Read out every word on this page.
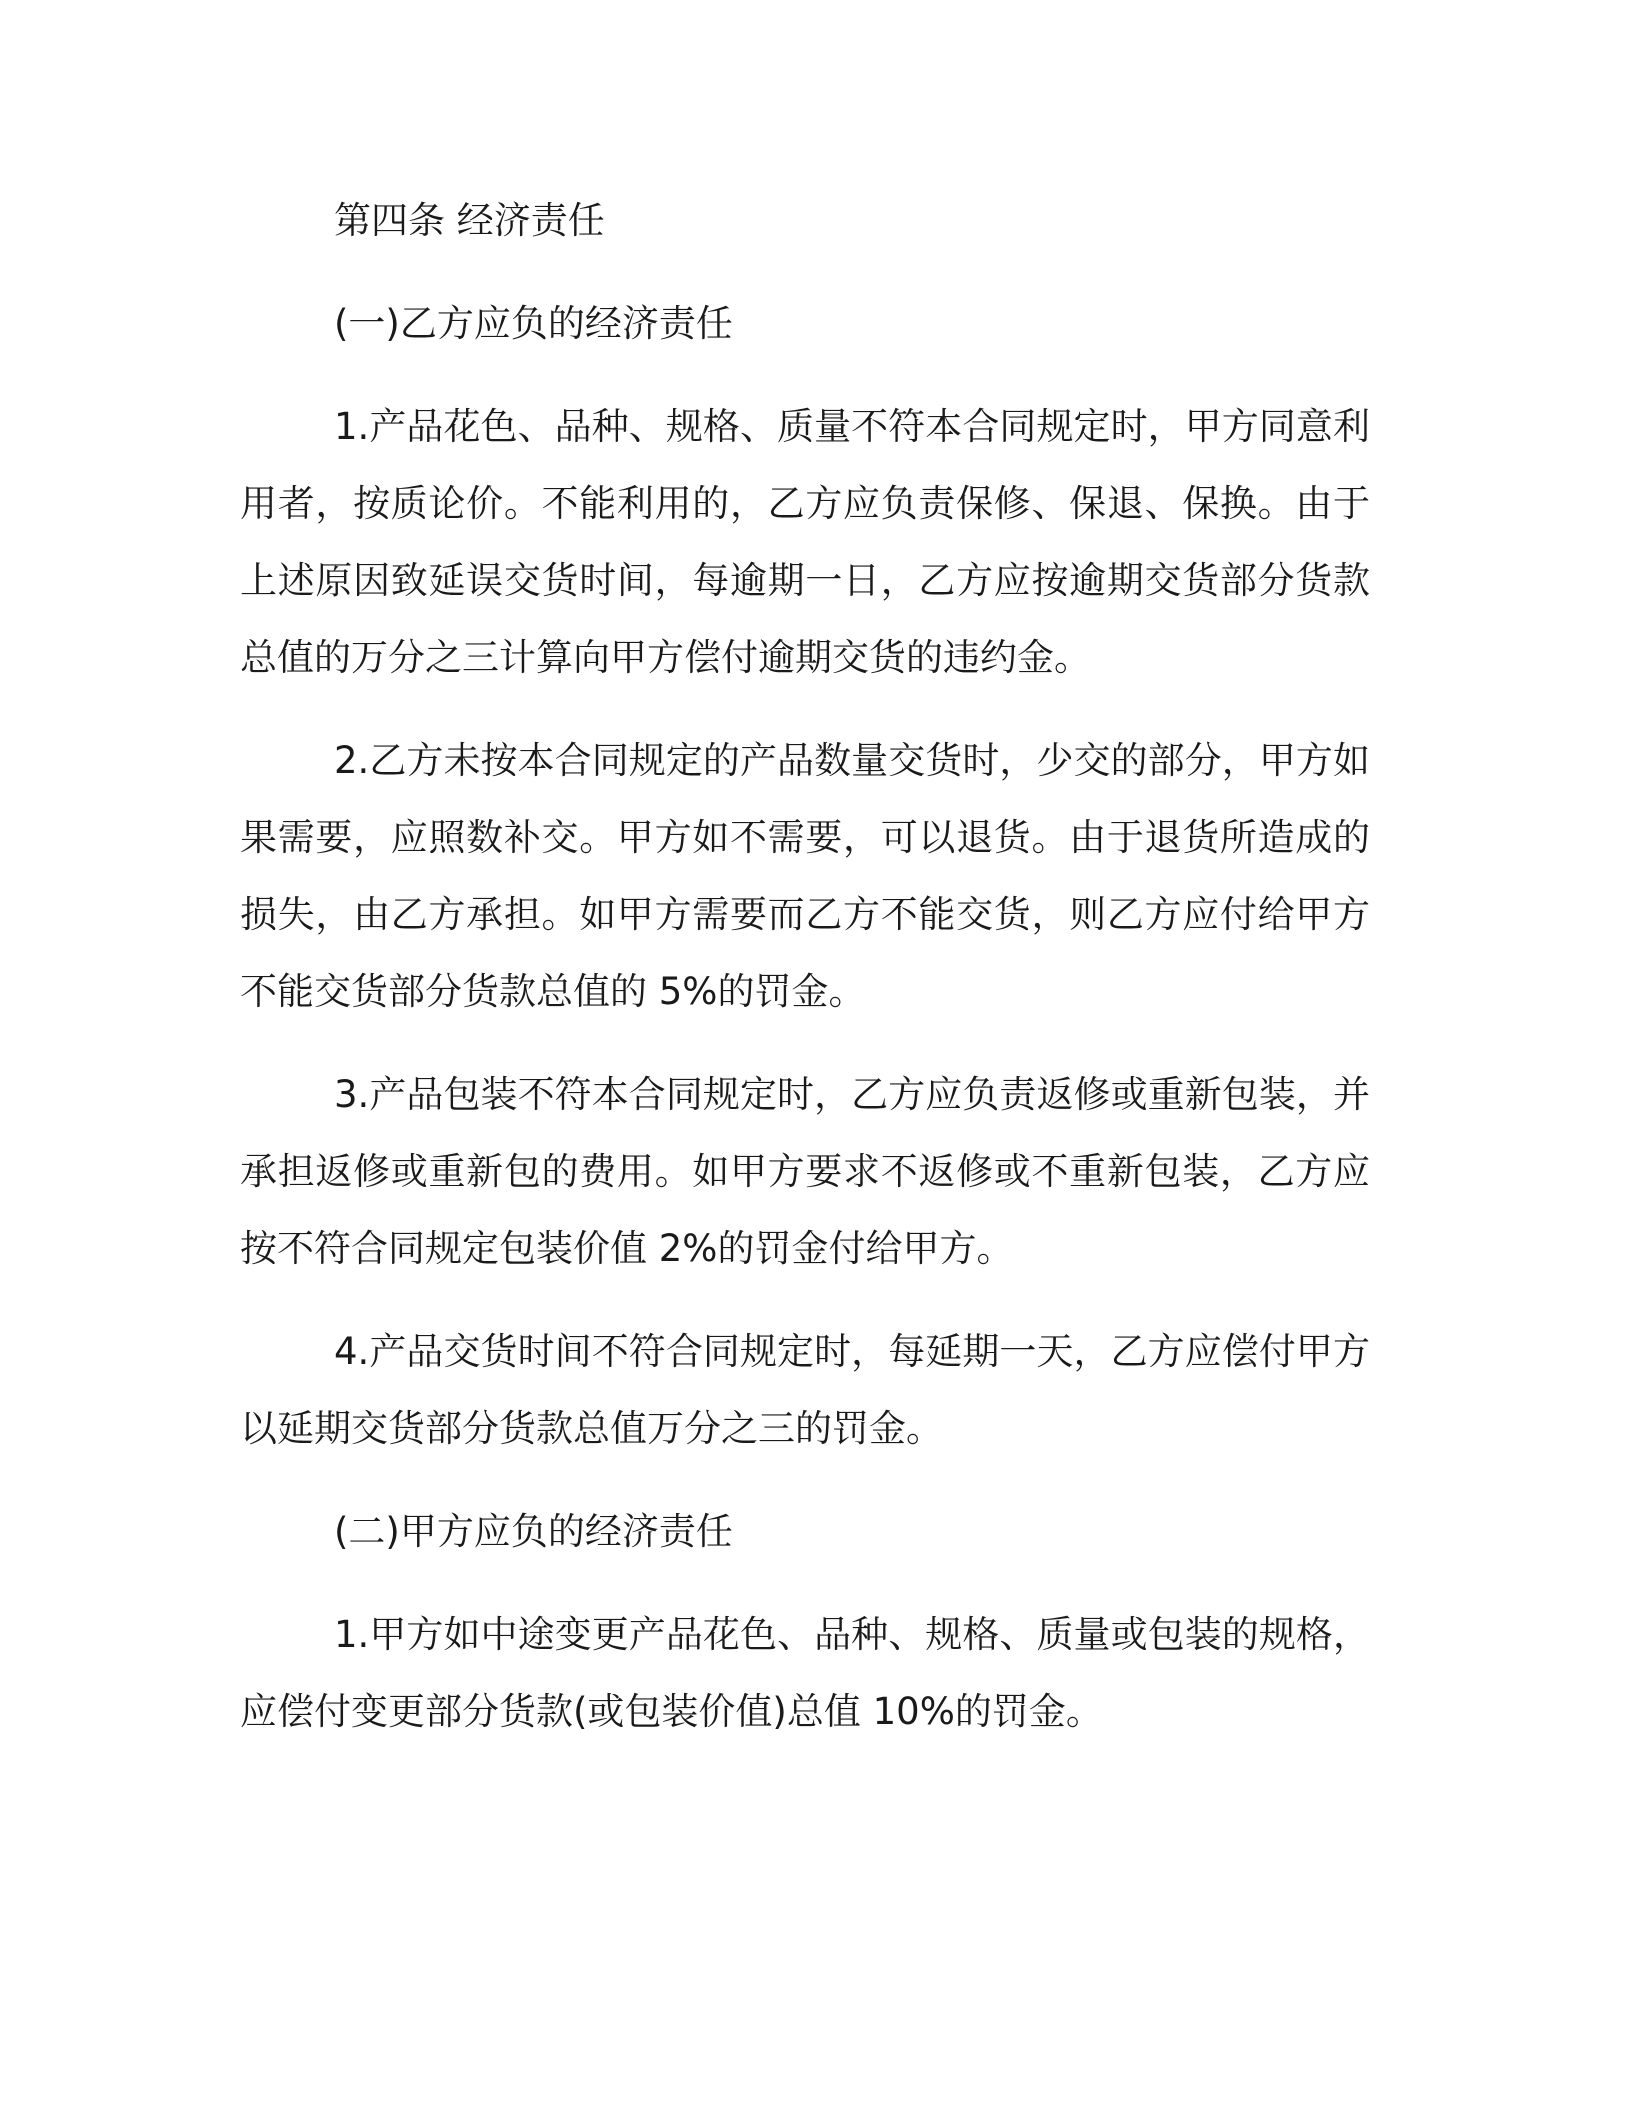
第四条 经济责任

(一)乙方应负的经济责任

1.产品花色、品种、规格、质量不符本合同规定时，甲方同意利用者，按质论价。不能利用的，乙方应负责保修、保退、保换。由于上述原因致延误交货时间，每逾期一日，乙方应按逾期交货部分货款总值的万分之三计算向甲方偿付逾期交货的违约金。

2.乙方未按本合同规定的产品数量交货时，少交的部分，甲方如果需要，应照数补交。甲方如不需要，可以退货。由于退货所造成的损失，由乙方承担。如甲方需要而乙方不能交货，则乙方应付给甲方不能交货部分货款总值的 5%的罚金。

3.产品包装不符本合同规定时，乙方应负责返修或重新包装，并承担返修或重新包的费用。如甲方要求不返修或不重新包装，乙方应按不符合同规定包装价值 2%的罚金付给甲方。

4.产品交货时间不符合同规定时，每延期一天，乙方应偿付甲方以延期交货部分货款总值万分之三的罚金。

(二)甲方应负的经济责任

1.甲方如中途变更产品花色、品种、规格、质量或包装的规格，应偿付变更部分货款(或包装价值)总值 10%的罚金。
